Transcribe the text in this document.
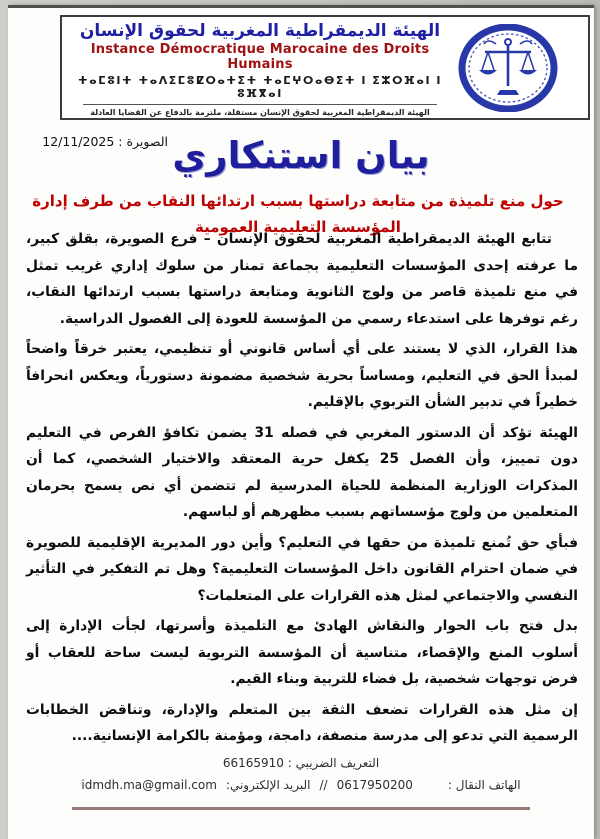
الهيئة الديمقراطية المغربية لحقوق الإنسان
Instance Démocratique Marocaine des Droits Humains
ⵜⴰⵎⵓⵏⵜ ⵜⴰⴷⵉⵎⵓⵇⵔⴰⵜⵉⵜ ⵜⴰⵎⵖⵔⴰⴱⵉⵜ ⵏ ⵉⵣⵔⴼⴰⵏ ⵏ ⵓⴼⴳⴰⵏ
الهيئة الديمقراطية المغربية لحقوق الإنسان مستقلة، ملتزمة بالدفاع عن القضايا العادلة
الصويرة : 12/11/2025 بيان استنكاري
حول منع تلميذة من متابعة دراستها بسبب ارتدائها النقاب من طرف إدارة المؤسسة التعليمية العمومية

تتابع الهيئة الديمقراطية المغربية لحقوق الإنسان – فرع الصويرة، بقلق كبير، ما عرفته إحدى المؤسسات التعليمية بجماعة تمنار من سلوك إداري غريب تمثل في منع تلميذة قاصر من ولوج الثانوية ومتابعة دراستها بسبب ارتدائها النقاب، رغم توفرها على استدعاء رسمي من المؤسسة للعودة إلى الفصول الدراسية.

هذا القرار، الذي لا يستند على أي أساس قانوني أو تنظيمي، يعتبر خرقاً واضحاً لمبدأ الحق في التعليم، ومساساً بحرية شخصية مضمونة دستورياً، ويعكس انحرافاً خطيراً في تدبير الشأن التربوي بالإقليم.

الهيئة تؤكد أن الدستور المغربي في فصله 31 يضمن تكافؤ الفرص في التعليم دون تمييز، وأن الفصل 25 يكفل حرية المعتقد والاختيار الشخصي، كما أن المذكرات الوزارية المنظمة للحياة المدرسية لم تتضمن أي نص يسمح بحرمان المتعلمين من ولوج مؤسساتهم بسبب مظهرهم أو لباسهم.

فبأي حق تُمنع تلميذة من حقها في التعليم؟ وأين دور المديرية الإقليمية للصويرة في ضمان احترام القانون داخل المؤسسات التعليمية؟ وهل تم التفكير في التأثير النفسي والاجتماعي لمثل هذه القرارات على المتعلمات؟

بدل فتح باب الحوار والنقاش الهادئ مع التلميذة وأسرتها، لجأت الإدارة إلى أسلوب المنع والإقصاء، متناسية أن المؤسسة التربوية ليست ساحة للعقاب أو فرض توجهات شخصية، بل فضاء للتربية وبناء القيم.

إن مثل هذه القرارات تضعف الثقة بين المتعلم والإدارة، وتناقض الخطابات الرسمية التي تدعو إلى مدرسة منصفة، دامجة، ومؤمنة بالكرامة الإنسانية....

التعريف الضريبي : 66165910
الهاتف النقال :
0617950200
//
البريد الإلكتروني:
idmdh.ma@gmail.com
